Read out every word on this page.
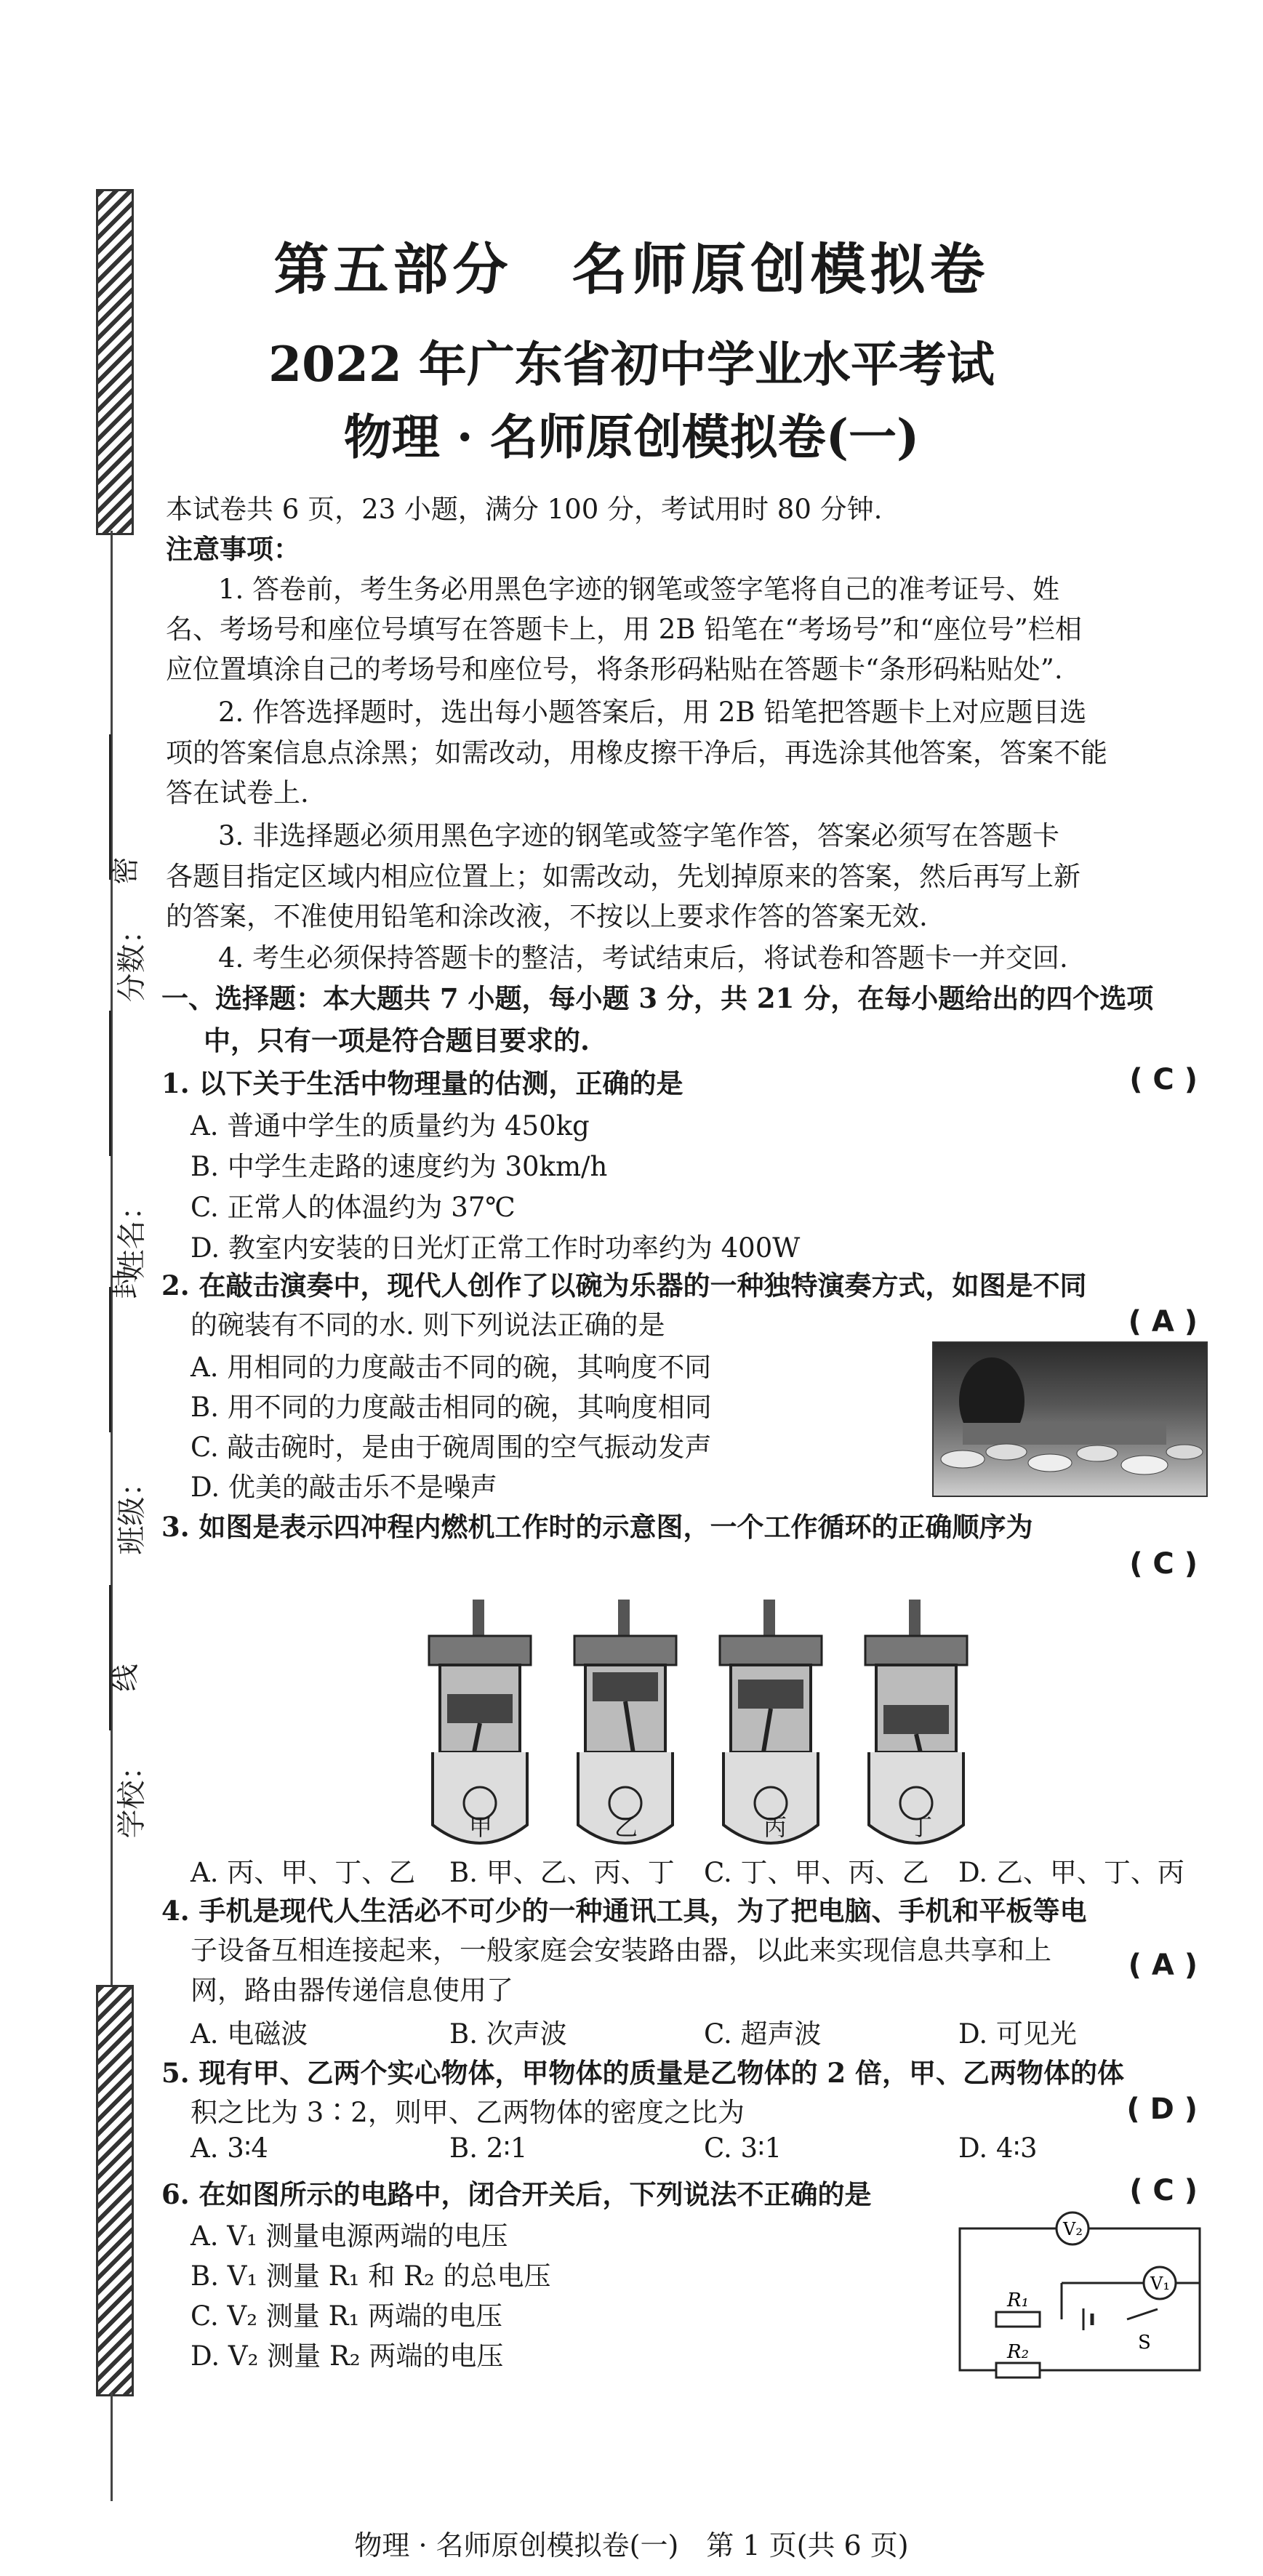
分数：
密
姓名：
封
班级：
线
学校：
第五部分　名师原创模拟卷
2022 年广东省初中学业水平考试
物理 · 名师原创模拟卷(一)
本试卷共 6 页，23 小题，满分 100 分，考试用时 80 分钟.
注意事项：
1. 答卷前，考生务必用黑色字迹的钢笔或签字笔将自己的准考证号、姓
名、考场号和座位号填写在答题卡上，用 2B 铅笔在“考场号”和“座位号”栏相
应位置填涂自己的考场号和座位号，将条形码粘贴在答题卡“条形码粘贴处”.
2. 作答选择题时，选出每小题答案后，用 2B 铅笔把答题卡上对应题目选
项的答案信息点涂黑；如需改动，用橡皮擦干净后，再选涂其他答案，答案不能
答在试卷上.
3. 非选择题必须用黑色字迹的钢笔或签字笔作答，答案必须写在答题卡
各题目指定区域内相应位置上；如需改动，先划掉原来的答案，然后再写上新
的答案，不准使用铅笔和涂改液，不按以上要求作答的答案无效.
4. 考生必须保持答题卡的整洁，考试结束后，将试卷和答题卡一并交回.
一、选择题：本大题共 7 小题，每小题 3 分，共 21 分，在每小题给出的四个选项
中，只有一项是符合题目要求的.
1. 以下关于生活中物理量的估测，正确的是	( C )
A. 普通中学生的质量约为 450kg
B. 中学生走路的速度约为 30km/h
C. 正常人的体温约为 37℃
D. 教室内安装的日光灯正常工作时功率约为 400W
2. 在敲击演奏中，现代人创作了以碗为乐器的一种独特演奏方式，如图是不同
的碗装有不同的水. 则下列说法正确的是	( A )
A. 用相同的力度敲击不同的碗，其响度不同
B. 用不同的力度敲击相同的碗，其响度相同
C. 敲击碗时，是由于碗周围的空气振动发声
D. 优美的敲击乐不是噪声
3. 如图是表示四冲程内燃机工作时的示意图，一个工作循环的正确顺序为
( C )
甲	乙	丙	丁
A. 丙、甲、丁、乙 B. 甲、乙、丙、丁 C. 丁、甲、丙、乙 D. 乙、甲、丁、丙
4. 手机是现代人生活必不可少的一种通讯工具，为了把电脑、手机和平板等电
子设备互相连接起来，一般家庭会安装路由器，以此来实现信息共享和上
网，路由器传递信息使用了
( A )
A. 电磁波	B. 次声波	C. 超声波	D. 可见光
5. 现有甲、乙两个实心物体，甲物体的质量是乙物体的 2 倍，甲、乙两物体的体
积之比为 3∶2，则甲、乙两物体的密度之比为	( D )
A. 3∶4	B. 2∶1	C. 3∶1	D. 4∶3
6. 在如图所示的电路中，闭合开关后，下列说法不正确的是	( C )
A. V₁ 测量电源两端的电压
B. V₁ 测量 R₁ 和 R₂ 的总电压
C. V₂ 测量 R₁ 两端的电压
D. V₂ 测量 R₂ 两端的电压
V₂
V₁
R₁
R₂	S
物理 · 名师原创模拟卷(一)　第 1 页(共 6 页)
